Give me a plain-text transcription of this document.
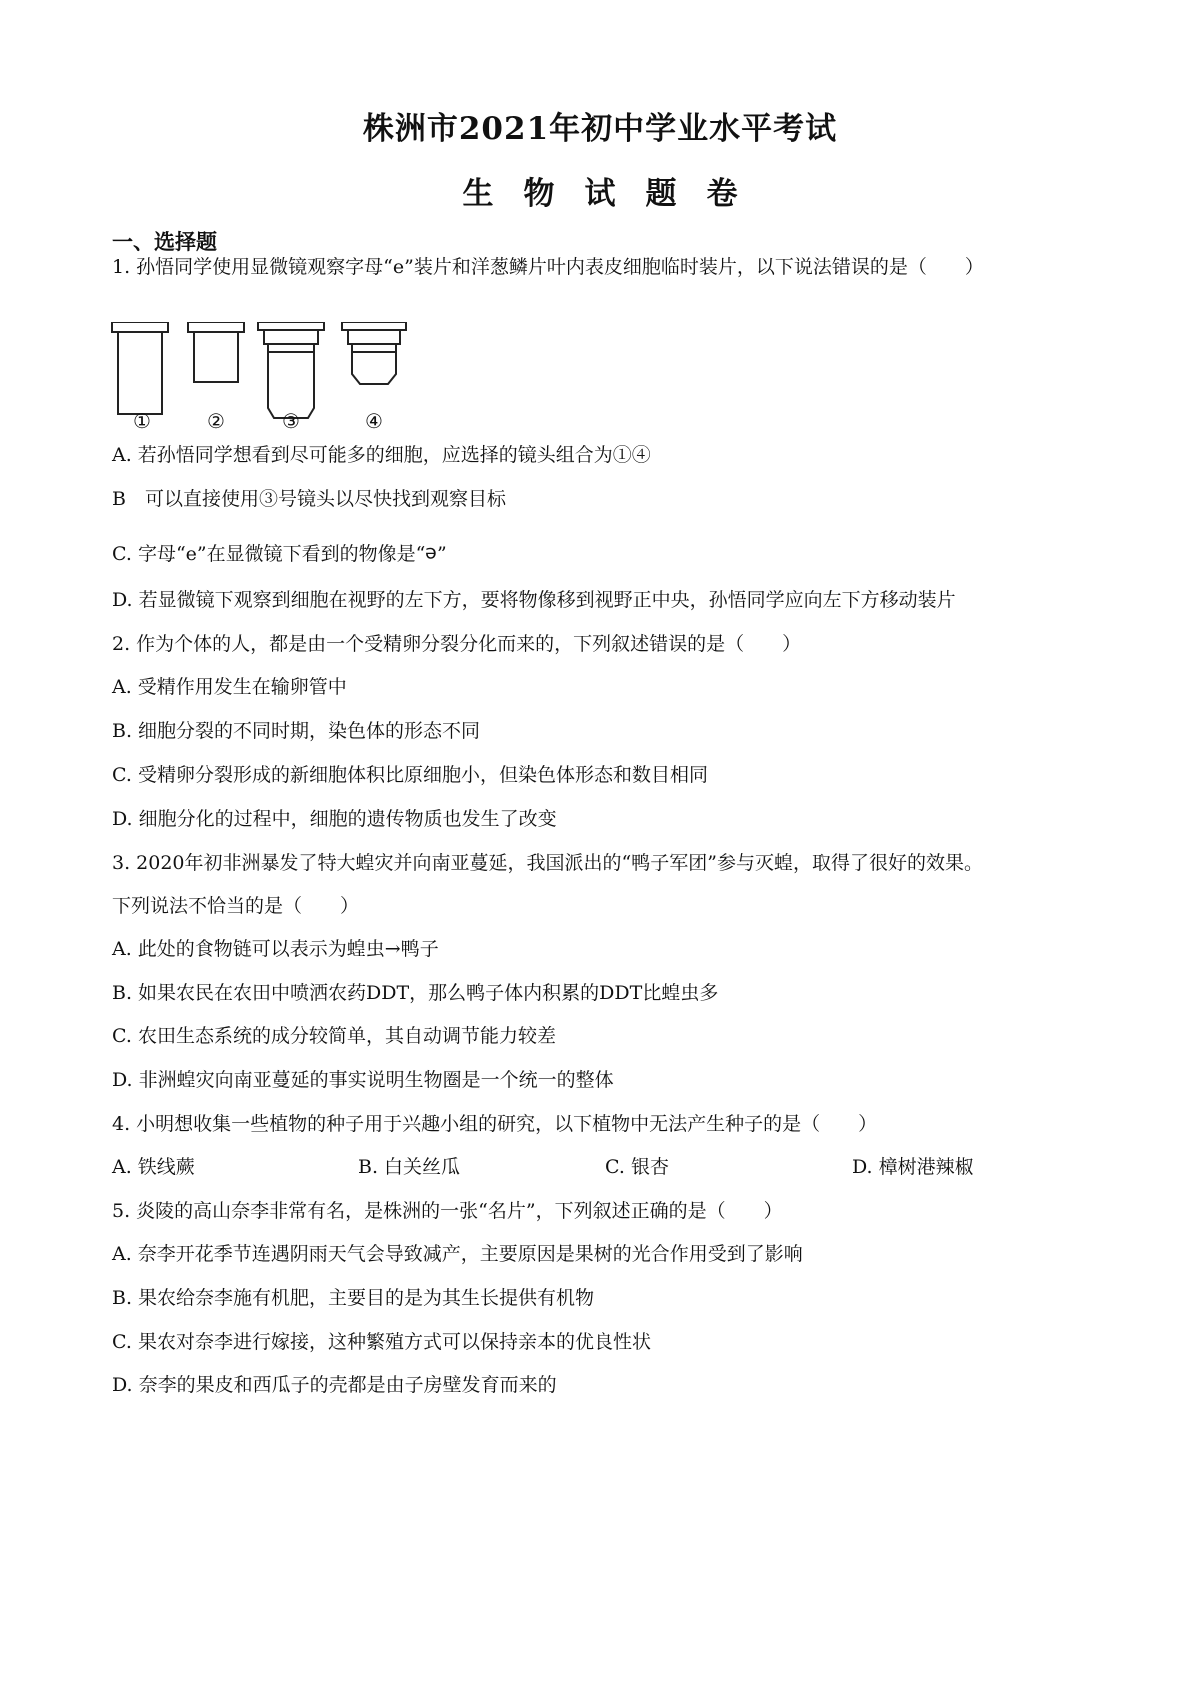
株洲市2021年初中学业水平考试
生物试题卷
一、选择题
1. 孙悟同学使用显微镜观察字母“e”装片和洋葱鳞片叶内表皮细胞临时装片，以下说法错误的是（　　）
①	②	③	④
A. 若孙悟同学想看到尽可能多的细胞，应选择的镜头组合为①④
B　可以直接使用③号镜头以尽快找到观察目标
C. 字母“e”在显微镜下看到的物像是“e”
D. 若显微镜下观察到细胞在视野的左下方，要将物像移到视野正中央，孙悟同学应向左下方移动装片
2. 作为个体的人，都是由一个受精卵分裂分化而来的，下列叙述错误的是（　　）
A. 受精作用发生在输卵管中
B. 细胞分裂的不同时期，染色体的形态不同
C. 受精卵分裂形成的新细胞体积比原细胞小，但染色体形态和数目相同
D. 细胞分化的过程中，细胞的遗传物质也发生了改变
3. 2020年初非洲暴发了特大蝗灾并向南亚蔓延，我国派出的“鸭子军团”参与灭蝗，取得了很好的效果。
下列说法不恰当的是（　　）
A. 此处的食物链可以表示为蝗虫→鸭子
B. 如果农民在农田中喷洒农药DDT，那么鸭子体内积累的DDT比蝗虫多
C. 农田生态系统的成分较简单，其自动调节能力较差
D. 非洲蝗灾向南亚蔓延的事实说明生物圈是一个统一的整体
4. 小明想收集一些植物的种子用于兴趣小组的研究，以下植物中无法产生种子的是（　　）
A. 铁线蕨	B. 白关丝瓜	C. 银杏	D. 樟树港辣椒
5. 炎陵的高山奈李非常有名，是株洲的一张“名片”，下列叙述正确的是（　　）
A. 奈李开花季节连遇阴雨天气会导致减产，主要原因是果树的光合作用受到了影响
B. 果农给奈李施有机肥，主要目的是为其生长提供有机物
C. 果农对奈李进行嫁接，这种繁殖方式可以保持亲本的优良性状
D. 奈李的果皮和西瓜子的壳都是由子房壁发育而来的
